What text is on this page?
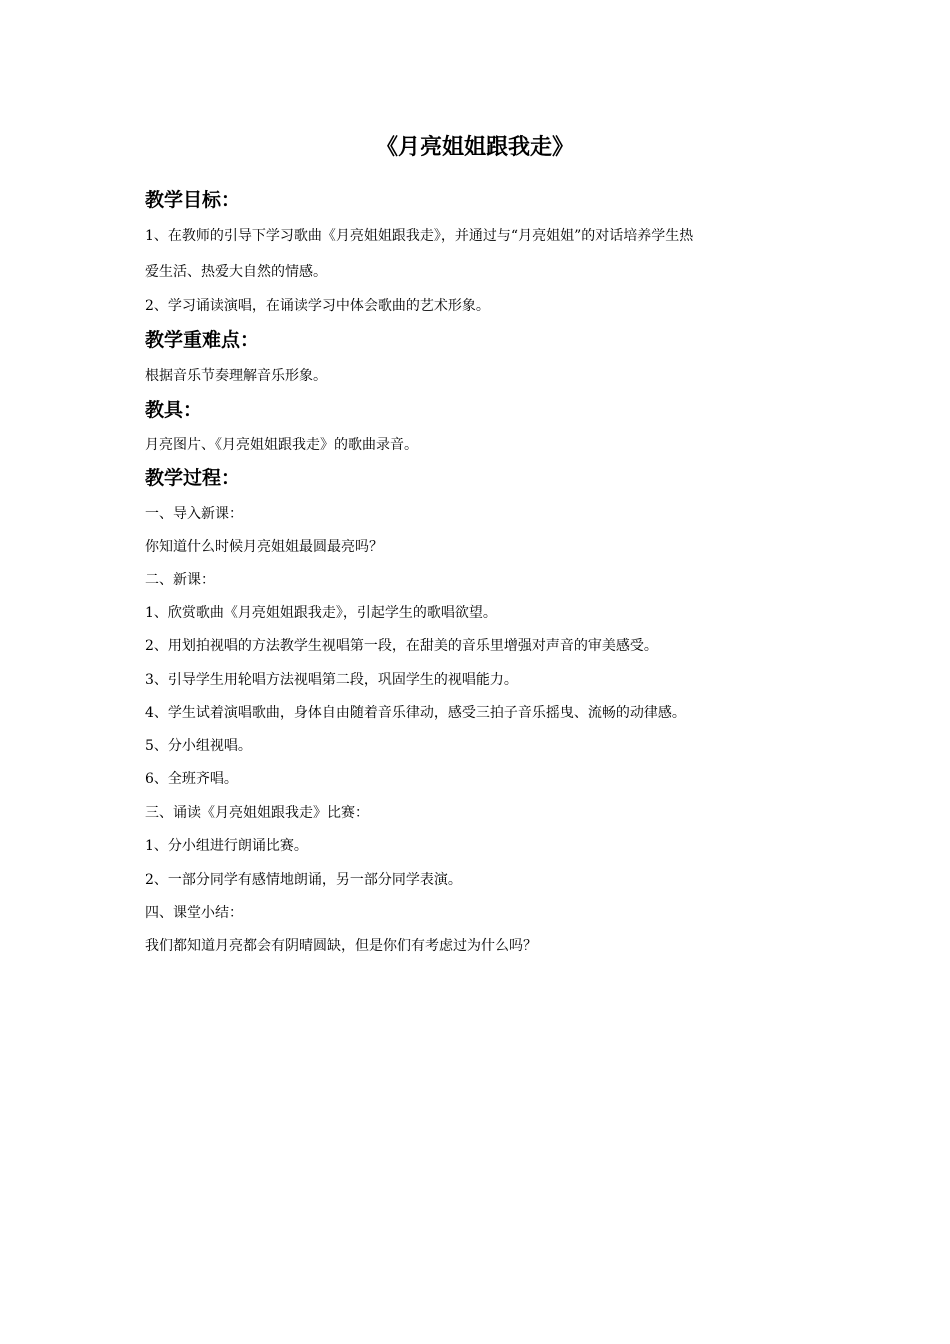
《月亮姐姐跟我走》
教学目标：
1、在教师的引导下学习歌曲《月亮姐姐跟我走》，并通过与“月亮姐姐”的对话培养学生热
爱生活、热爱大自然的情感。
2、学习诵读演唱，在诵读学习中体会歌曲的艺术形象。
教学重难点：
根据音乐节奏理解音乐形象。
教具：
月亮图片、《月亮姐姐跟我走》的歌曲录音。
教学过程：
一、导入新课：
你知道什么时候月亮姐姐最圆最亮吗？
二、新课：
1、欣赏歌曲《月亮姐姐跟我走》，引起学生的歌唱欲望。
2、用划拍视唱的方法教学生视唱第一段，在甜美的音乐里增强对声音的审美感受。
3、引导学生用轮唱方法视唱第二段，巩固学生的视唱能力。
4、学生试着演唱歌曲，身体自由随着音乐律动，感受三拍子音乐摇曳、流畅的动律感。
5、分小组视唱。
6、全班齐唱。
三、诵读《月亮姐姐跟我走》比赛：
1、分小组进行朗诵比赛。
2、一部分同学有感情地朗诵，另一部分同学表演。
四、课堂小结：
我们都知道月亮都会有阴晴圆缺，但是你们有考虑过为什么吗？
